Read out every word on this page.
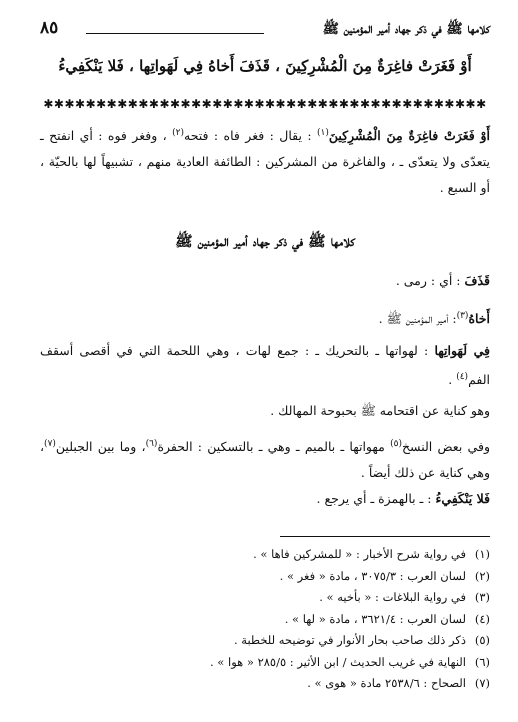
كلامها ﷺ في ذكر جهاد أمير المؤمنين ﷺ
٨٥
أَوْ فَغَرَتْ فاغِرَةٌ مِنَ الْمُشْرِكِينَ ، قَذَفَ أَخاهُ فِي لَهَواتِها ، فَلا يَنْكَفِيءُ
✱✱✱✱✱✱✱✱✱✱✱✱✱✱✱✱✱✱✱✱✱✱✱✱✱✱✱✱✱✱✱✱✱✱✱✱✱✱✱✱✱✱
أَوْ فَغَرَتْ فاغِرَةٌ مِنَ الْمُشْرِكِينَ$^{(١)}$ : يقال : فغر فاه : فتحه$^{(٢)}$ ، وفغر فوه : أي انفتح ـ يتعدّى ولا يتعدّى ـ ، والفاغرة من المشركين : الطائفة العادية منهم ، تشبيهاً لها بالحيّة ، أو السبع .
كلامها ﷺ في ذكر جهاد أمير المؤمنين ﷺ
قَذَفَ : أي : رمى .
أَخاهُ$^{(٣)}$: أمير المؤمنين ﷺ .
فِي لَهَواتِها : لهواتها ـ بالتحريك ـ : جمع لهات ، وهي اللحمة التي في أقصى أسقف الفم$^{(٤)}$ .
وهو كناية عن اقتحامه ﷺ بحبوحة المهالك .
وفي بعض النسخ$^{(٥)}$ مهواتها ـ بالميم ـ وهي ـ بالتسكين : الحفرة$^{(٦)}$، وما بين الجبلين$^{(٧)}$، وهي كناية عن ذلك أيضاً .
فَلا يَنْكَفِيءُ : ـ بالهمزة ـ أي يرجع .
(١)في رواية شرح الأخبار : « للمشركين فاها » .
(٢)لسان العرب : ٣٠٧٥/٣ ، مادة « فغر » .
(٣)في رواية البلاغات : « بأخيه » .
(٤)لسان العرب : ٣٦٢١/٤ ، مادة « لها » .
(٥)ذكر ذلك صاحب بحار الأنوار في توضيحه للخطبة .
(٦)النهاية في غريب الحديث / ابن الأثير : ٢٨٥/٥ « هوا » .
(٧)الصحاح : ٢٥٣٨/٦ مادة « هوى » .
